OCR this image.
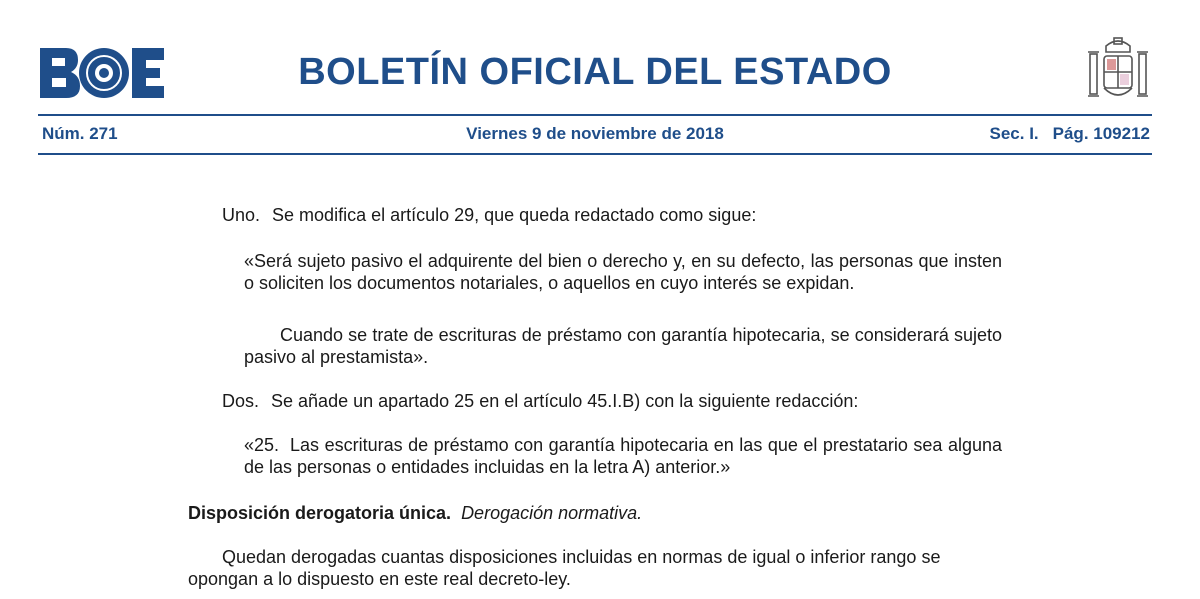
BOLETÍN OFICIAL DEL ESTADO
Núm. 271	Viernes 9 de noviembre de 2018	Sec. I. Pág. 109212
Uno. Se modifica el artículo 29, que queda redactado como sigue:
«Será sujeto pasivo el adquirente del bien o derecho y, en su defecto, las personas que insten o soliciten los documentos notariales, o aquellos en cuyo interés se expidan.
Cuando se trate de escrituras de préstamo con garantía hipotecaria, se considerará sujeto pasivo al prestamista».
Dos. Se añade un apartado 25 en el artículo 45.I.B) con la siguiente redacción:
«25.  Las escrituras de préstamo con garantía hipotecaria en las que el prestatario sea alguna de las personas o entidades incluidas en la letra A) anterior.»
Disposición derogatoria única. Derogación normativa.
Quedan derogadas cuantas disposiciones incluidas en normas de igual o inferior rango se opongan a lo dispuesto en este real decreto-ley.
